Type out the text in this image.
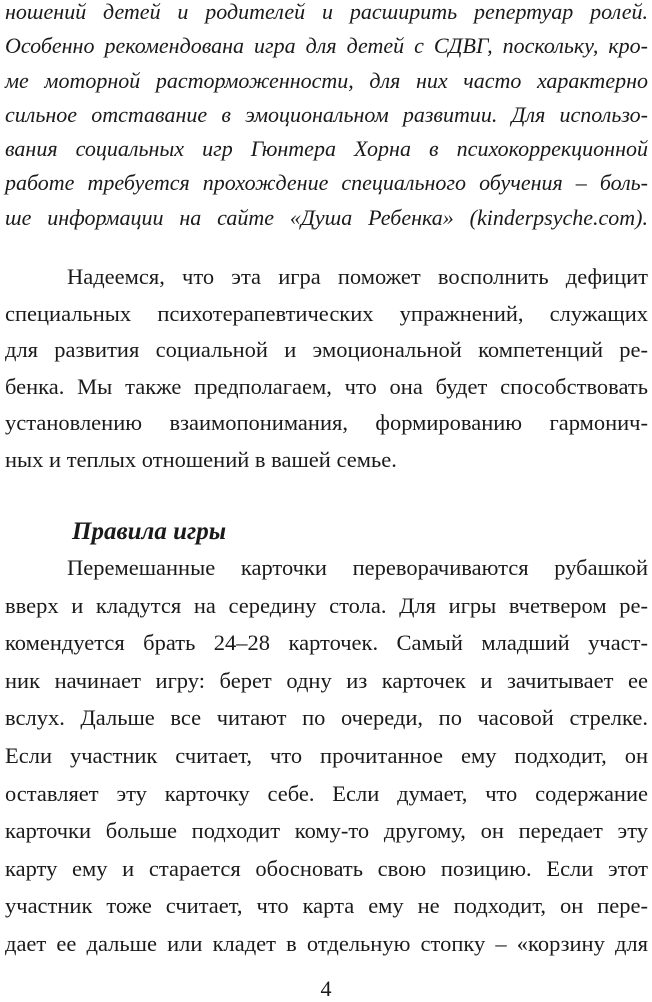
ношений детей и родителей и расширить репертуар ролей.
Особенно рекомендована игра для детей с СДВГ, поскольку, кро-
ме моторной расторможенности, для них часто характерно
сильное отставание в эмоциональном развитии. Для использо-
вания социальных игр Гюнтера Хорна в психокоррекционной
работе требуется прохождение специального обучения – боль-
ше информации на сайте «Душа Ребенка» (kinderpsyche.com).
Надеемся, что эта игра поможет восполнить дефицит
специальных психотерапевтических упражнений, служащих
для развития социальной и эмоциональной компетенций ре-
бенка. Мы также предполагаем, что она будет способствовать
установлению взаимопонимания, формированию гармонич-
ных и теплых отношений в вашей семье.
Правила игры
Перемешанные карточки переворачиваются рубашкой
вверх и кладутся на середину стола. Для игры вчетвером ре-
комендуется брать 24–28 карточек. Самый младший участ-
ник начинает игру: берет одну из карточек и зачитывает ее
вслух. Дальше все читают по очереди, по часовой стрелке.
Если участник считает, что прочитанное ему подходит, он
оставляет эту карточку себе. Если думает, что содержание
карточки больше подходит кому-то другому, он передает эту
карту ему и старается обосновать свою позицию. Если этот
участник тоже считает, что карта ему не подходит, он пере-
дает ее дальше или кладет в отдельную стопку – «корзину для
4
